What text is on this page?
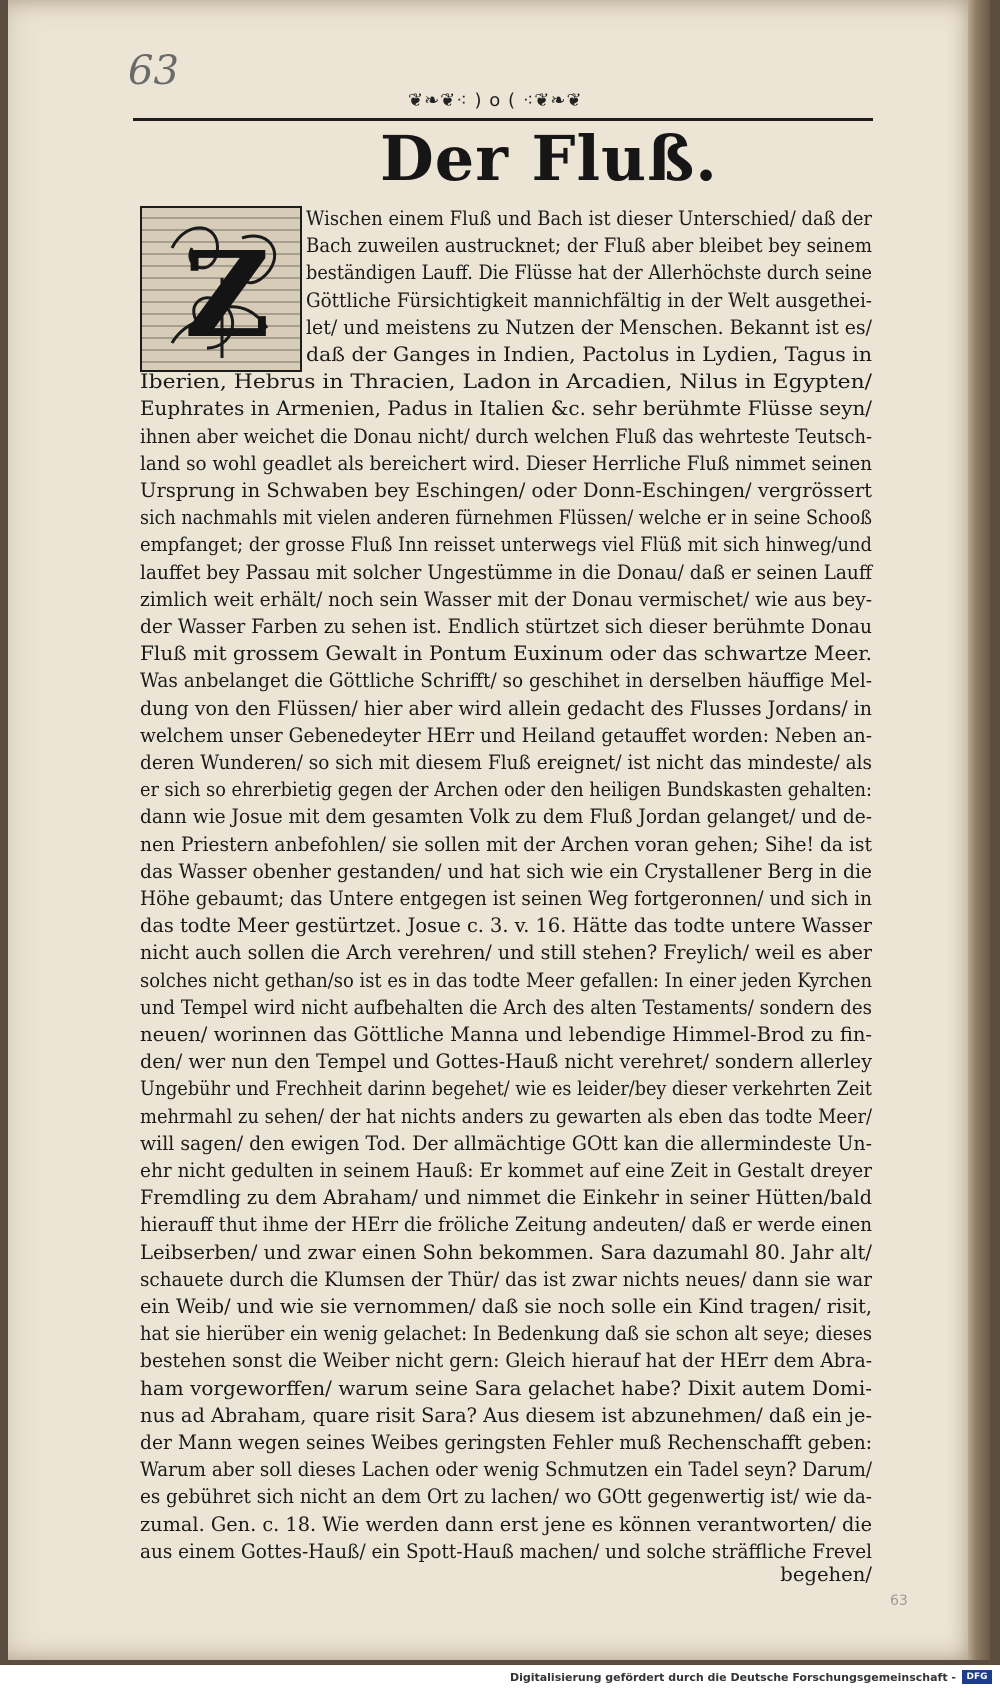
63
❦❧❦⁖ ) o ( ⁖❦❧❦
Der Fluß.
Z

Wischen einem Fluß und Bach ist dieser Unterschied/ daß der

Bach zuweilen austrucknet; der Fluß aber bleibet bey seinem

beständigen Lauff. Die Flüsse hat der Allerhöchste durch seine

Göttliche Fürsichtigkeit mannichfältig in der Welt ausgethei-

let/ und meistens zu Nutzen der Menschen. Bekannt ist es/

daß der Ganges in Indien, Pactolus in Lydien, Tagus in

Iberien, Hebrus in Thracien, Ladon in Arcadien, Nilus in Egypten/

Euphrates in Armenien, Padus in Italien &c. sehr berühmte Flüsse seyn/

ihnen aber weichet die Donau nicht/ durch welchen Fluß das wehrteste Teutsch-

land so wohl geadlet als bereichert wird. Dieser Herrliche Fluß nimmet seinen

Ursprung in Schwaben bey Eschingen/ oder Donn-Eschingen/ vergrössert

sich nachmahls mit vielen anderen fürnehmen Flüssen/ welche er in seine Schooß

empfanget; der grosse Fluß Inn reisset unterwegs viel Flüß mit sich hinweg/und

lauffet bey Passau mit solcher Ungestümme in die Donau/ daß er seinen Lauff

zimlich weit erhält/ noch sein Wasser mit der Donau vermischet/ wie aus bey-

der Wasser Farben zu sehen ist. Endlich stürtzet sich dieser berühmte Donau

Fluß mit grossem Gewalt in Pontum Euxinum oder das schwartze Meer.

Was anbelanget die Göttliche Schrifft/ so geschihet in derselben häuffige Mel-

dung von den Flüssen/ hier aber wird allein gedacht des Flusses Jordans/ in

welchem unser Gebenedeyter HErr und Heiland getauffet worden: Neben an-

deren Wunderen/ so sich mit diesem Fluß ereignet/ ist nicht das mindeste/ als

er sich so ehrerbietig gegen der Archen oder den heiligen Bundskasten gehalten:

dann wie Josue mit dem gesamten Volk zu dem Fluß Jordan gelanget/ und de-

nen Priestern anbefohlen/ sie sollen mit der Archen voran gehen; Sihe! da ist

das Wasser obenher gestanden/ und hat sich wie ein Crystallener Berg in die

Höhe gebaumt; das Untere entgegen ist seinen Weg fortgeronnen/ und sich in

das todte Meer gestürtzet. Josue c. 3. v. 16. Hätte das todte untere Wasser

nicht auch sollen die Arch verehren/ und still stehen? Freylich/ weil es aber

solches nicht gethan/so ist es in das todte Meer gefallen: In einer jeden Kyrchen

und Tempel wird nicht aufbehalten die Arch des alten Testaments/ sondern des

neuen/ worinnen das Göttliche Manna und lebendige Himmel-Brod zu fin-

den/ wer nun den Tempel und Gottes-Hauß nicht verehret/ sondern allerley

Ungebühr und Frechheit darinn begehet/ wie es leider/bey dieser verkehrten Zeit

mehrmahl zu sehen/ der hat nichts anders zu gewarten als eben das todte Meer/

will sagen/ den ewigen Tod. Der allmächtige GOtt kan die allermindeste Un-

ehr nicht gedulten in seinem Hauß: Er kommet auf eine Zeit in Gestalt dreyer

Fremdling zu dem Abraham/ und nimmet die Einkehr in seiner Hütten/bald

hierauff thut ihme der HErr die fröliche Zeitung andeuten/ daß er werde einen

Leibserben/ und zwar einen Sohn bekommen. Sara dazumahl 80. Jahr alt/

schauete durch die Klumsen der Thür/ das ist zwar nichts neues/ dann sie war

ein Weib/ und wie sie vernommen/ daß sie noch solle ein Kind tragen/ risit,

hat sie hierüber ein wenig gelachet: In Bedenkung daß sie schon alt seye; dieses

bestehen sonst die Weiber nicht gern: Gleich hierauf hat der HErr dem Abra-

ham vorgeworffen/ warum seine Sara gelachet habe? Dixit autem Domi-

nus ad Abraham, quare risit Sara? Aus diesem ist abzunehmen/ daß ein je-

der Mann wegen seines Weibes geringsten Fehler muß Rechenschafft geben:

Warum aber soll dieses Lachen oder wenig Schmutzen ein Tadel seyn? Darum/

es gebühret sich nicht an dem Ort zu lachen/ wo GOtt gegenwertig ist/ wie da-

zumal. Gen. c. 18. Wie werden dann erst jene es können verantworten/ die

aus einem Gottes-Hauß/ ein Spott-Hauß machen/ und solche sträffliche Frevel

begehen/

63
Digitalisierung gefördert durch die Deutsche Forschungsgemeinschaft -	DFG
